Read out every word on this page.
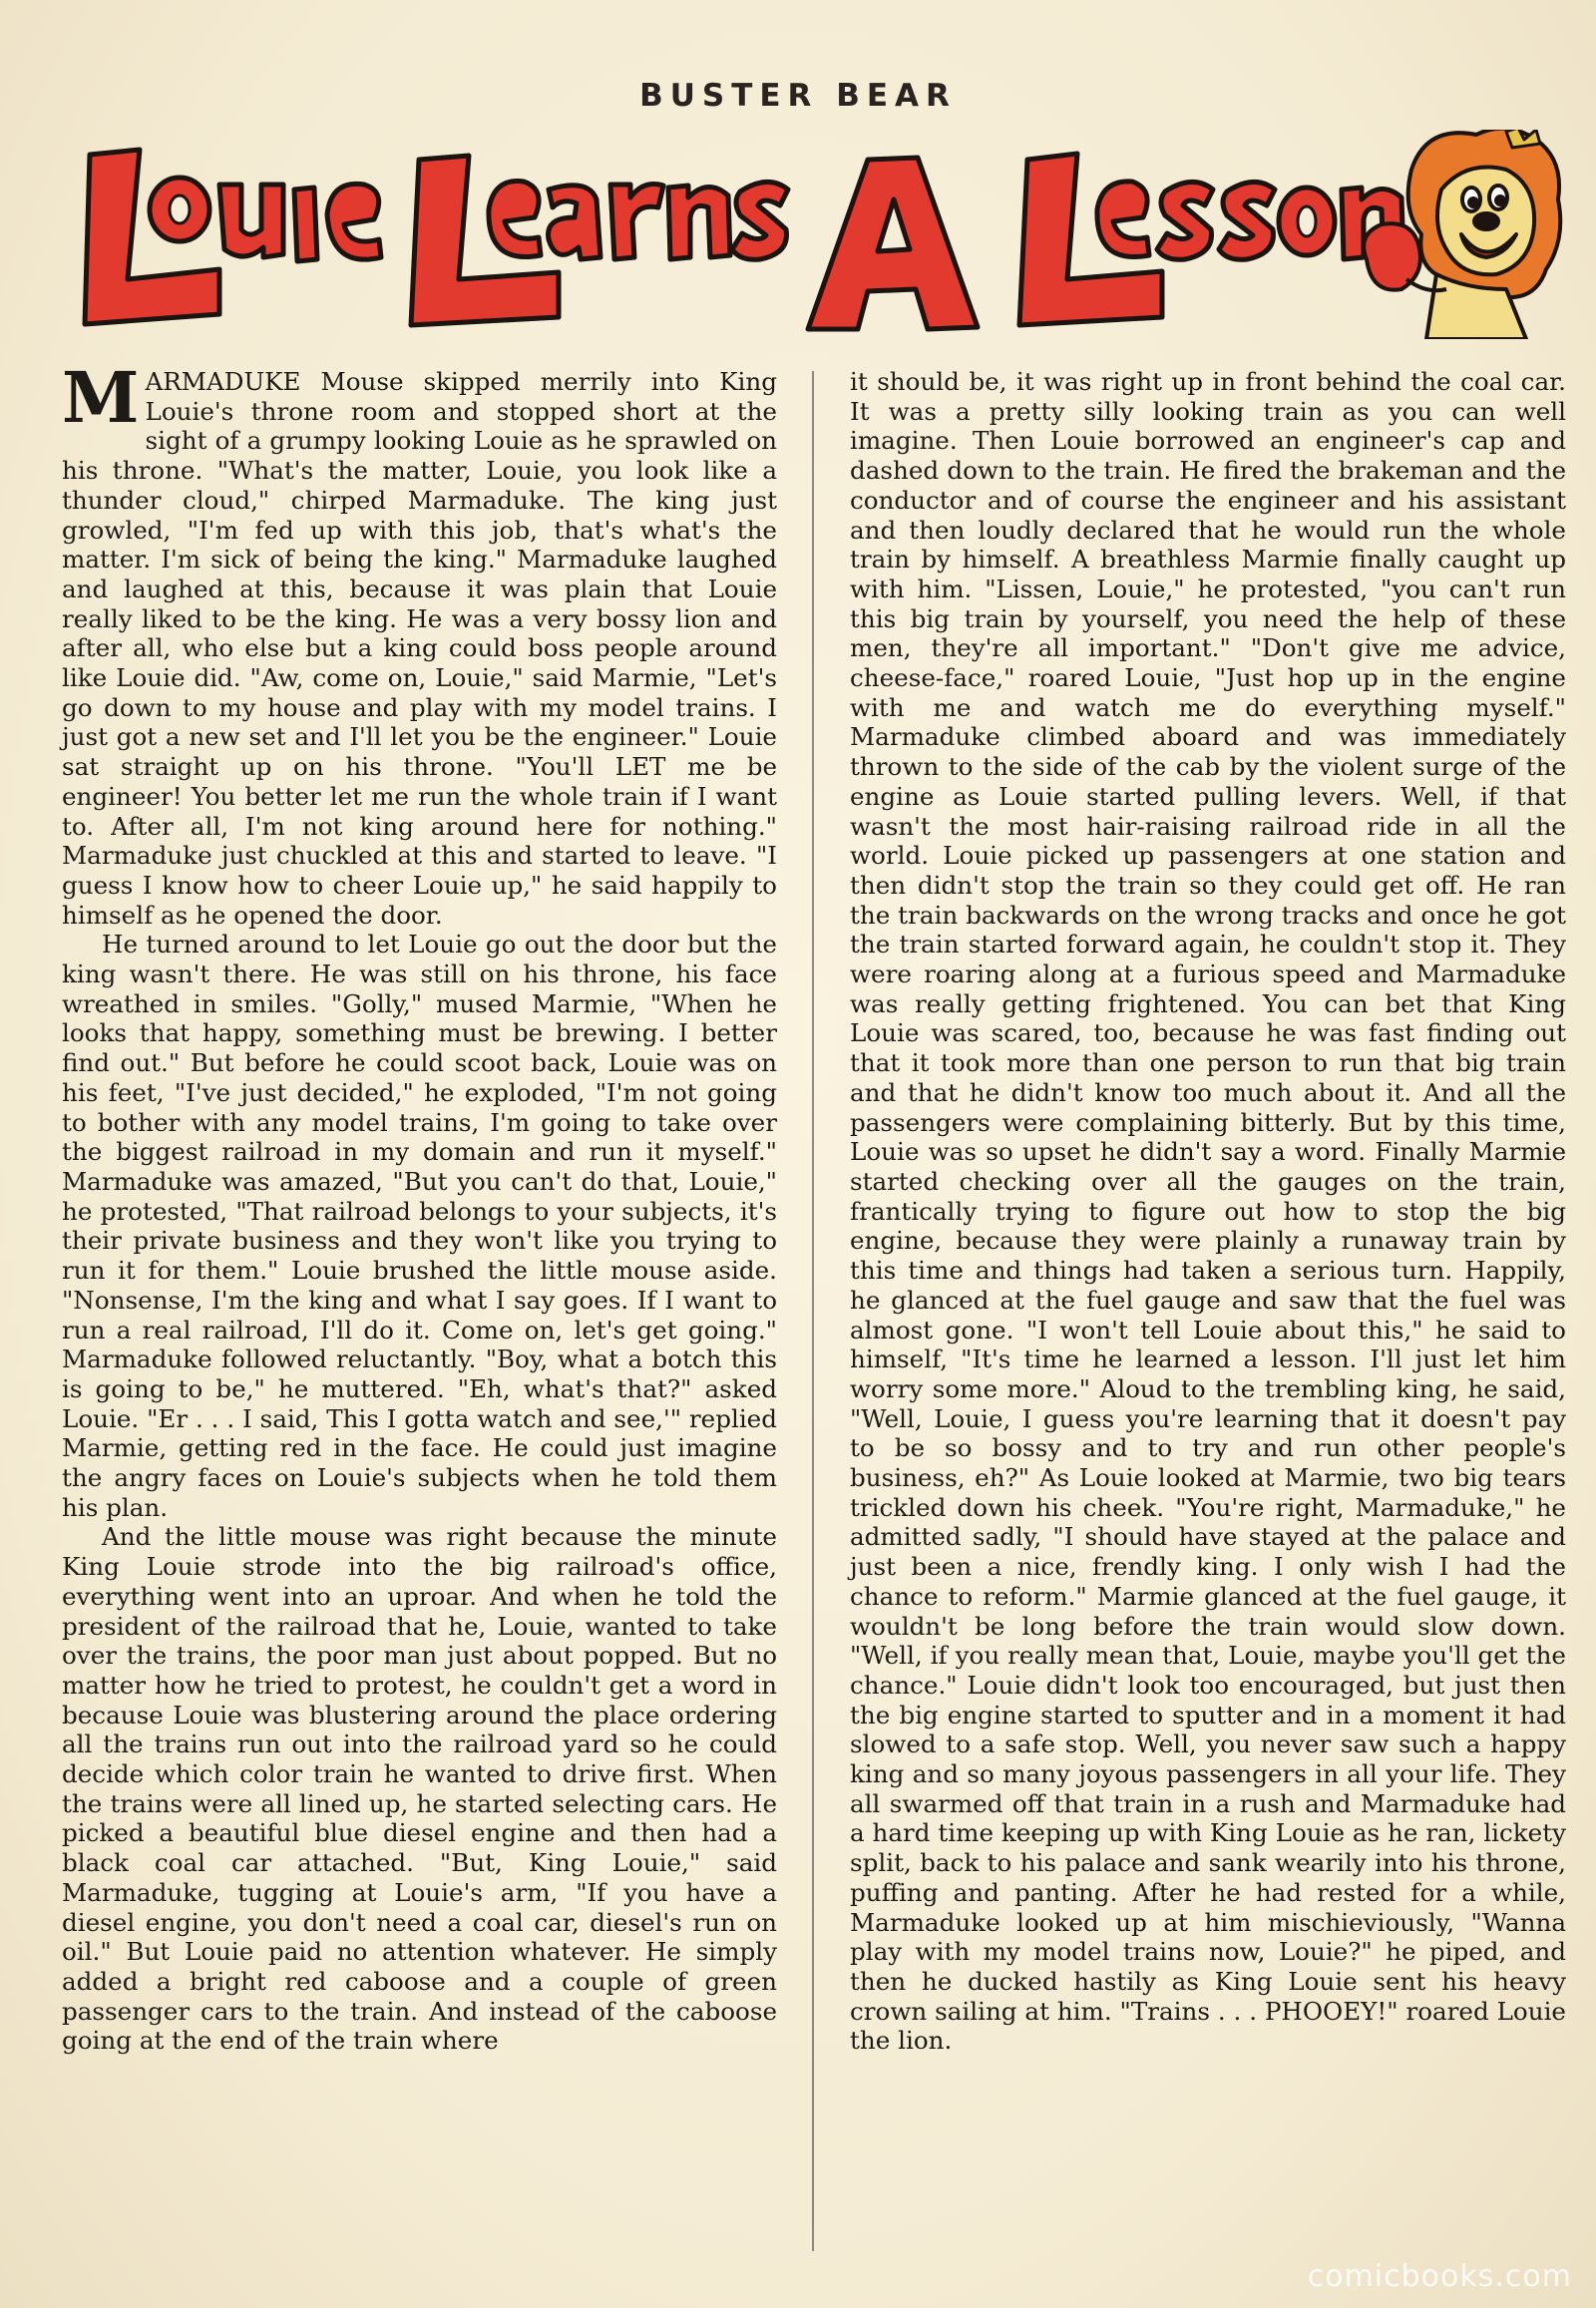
BUSTER BEAR

MARMADUKE Mouse skipped merrily into King Louie's throne room and stopped short at the sight of a grumpy looking Louie as he sprawled on his throne. "What's the matter, Louie, you look like a thunder cloud," chirped Marmaduke. The king just growled, "I'm fed up with this job, that's what's the matter. I'm sick of being the king." Marmaduke laughed and laughed at this, because it was plain that Louie really liked to be the king. He was a very bossy lion and after all, who else but a king could boss people around like Louie did. "Aw, come on, Louie," said Marmie, "Let's go down to my house and play with my model trains. I just got a new set and I'll let you be the engineer." Louie sat straight up on his throne. "You'll LET me be engineer! You better let me run the whole train if I want to. After all, I'm not king around here for nothing." Marmaduke just chuckled at this and started to leave. "I guess I know how to cheer Louie up," he said happily to himself as he opened the door.

He turned around to let Louie go out the door but the king wasn't there. He was still on his throne, his face wreathed in smiles. "Golly," mused Marmie, "When he looks that happy, something must be brewing. I better find out." But before he could scoot back, Louie was on his feet, "I've just decided," he exploded, "I'm not going to bother with any model trains, I'm going to take over the biggest railroad in my domain and run it myself." Marmaduke was amazed, "But you can't do that, Louie," he protested, "That railroad belongs to your subjects, it's their private business and they won't like you trying to run it for them." Louie brushed the little mouse aside. "Nonsense, I'm the king and what I say goes. If I want to run a real railroad, I'll do it. Come on, let's get going." Marmaduke followed reluctantly. "Boy, what a botch this is going to be," he muttered. "Eh, what's that?" asked Louie. "Er . . . I said, This I gotta watch and see,'" replied Marmie, getting red in the face. He could just imagine the angry faces on Louie's subjects when he told them his plan.

And the little mouse was right because the minute King Louie strode into the big railroad's office, everything went into an uproar. And when he told the president of the railroad that he, Louie, wanted to take over the trains, the poor man just about popped. But no matter how he tried to protest, he couldn't get a word in because Louie was blustering around the place ordering all the trains run out into the railroad yard so he could decide which color train he wanted to drive first. When the trains were all lined up, he started selecting cars. He picked a beautiful blue diesel engine and then had a black coal car attached. "But, King Louie," said Marmaduke, tugging at Louie's arm, "If you have a diesel engine, you don't need a coal car, diesel's run on oil." But Louie paid no attention whatever. He simply added a bright red caboose and a couple of green passenger cars to the train. And instead of the caboose going at the end of the train where

it should be, it was right up in front behind the coal car. It was a pretty silly looking train as you can well imagine. Then Louie borrowed an engineer's cap and dashed down to the train. He fired the brakeman and the conductor and of course the engineer and his assistant and then loudly declared that he would run the whole train by himself. A breathless Marmie finally caught up with him. "Lissen, Louie," he protested, "you can't run this big train by yourself, you need the help of these men, they're all important." "Don't give me advice, cheese-face," roared Louie, "Just hop up in the engine with me and watch me do everything myself." Marmaduke climbed aboard and was immediately thrown to the side of the cab by the violent surge of the engine as Louie started pulling levers. Well, if that wasn't the most hair-raising railroad ride in all the world. Louie picked up passengers at one station and then didn't stop the train so they could get off. He ran the train backwards on the wrong tracks and once he got the train started forward again, he couldn't stop it. They were roaring along at a furious speed and Marmaduke was really getting frightened. You can bet that King Louie was scared, too, because he was fast finding out that it took more than one person to run that big train and that he didn't know too much about it. And all the passengers were complaining bitterly. But by this time, Louie was so upset he didn't say a word. Finally Marmie started checking over all the gauges on the train, frantically trying to figure out how to stop the big engine, because they were plainly a runaway train by this time and things had taken a serious turn. Happily, he glanced at the fuel gauge and saw that the fuel was almost gone. "I won't tell Louie about this," he said to himself, "It's time he learned a lesson. I'll just let him worry some more." Aloud to the trembling king, he said, "Well, Louie, I guess you're learning that it doesn't pay to be so bossy and to try and run other people's business, eh?" As Louie looked at Marmie, two big tears trickled down his cheek. "You're right, Marmaduke," he admitted sadly, "I should have stayed at the palace and just been a nice, frendly king. I only wish I had the chance to reform." Marmie glanced at the fuel gauge, it wouldn't be long before the train would slow down. "Well, if you really mean that, Louie, maybe you'll get the chance." Louie didn't look too encouraged, but just then the big engine started to sputter and in a moment it had slowed to a safe stop. Well, you never saw such a happy king and so many joyous passengers in all your life. They all swarmed off that train in a rush and Marmaduke had a hard time keeping up with King Louie as he ran, lickety split, back to his palace and sank wearily into his throne, puffing and panting. After he had rested for a while, Marmaduke looked up at him mischieviously, "Wanna play with my model trains now, Louie?" he piped, and then he ducked hastily as King Louie sent his heavy crown sailing at him. "Trains . . . PHOOEY!" roared Louie the lion.

comicbooks.com
